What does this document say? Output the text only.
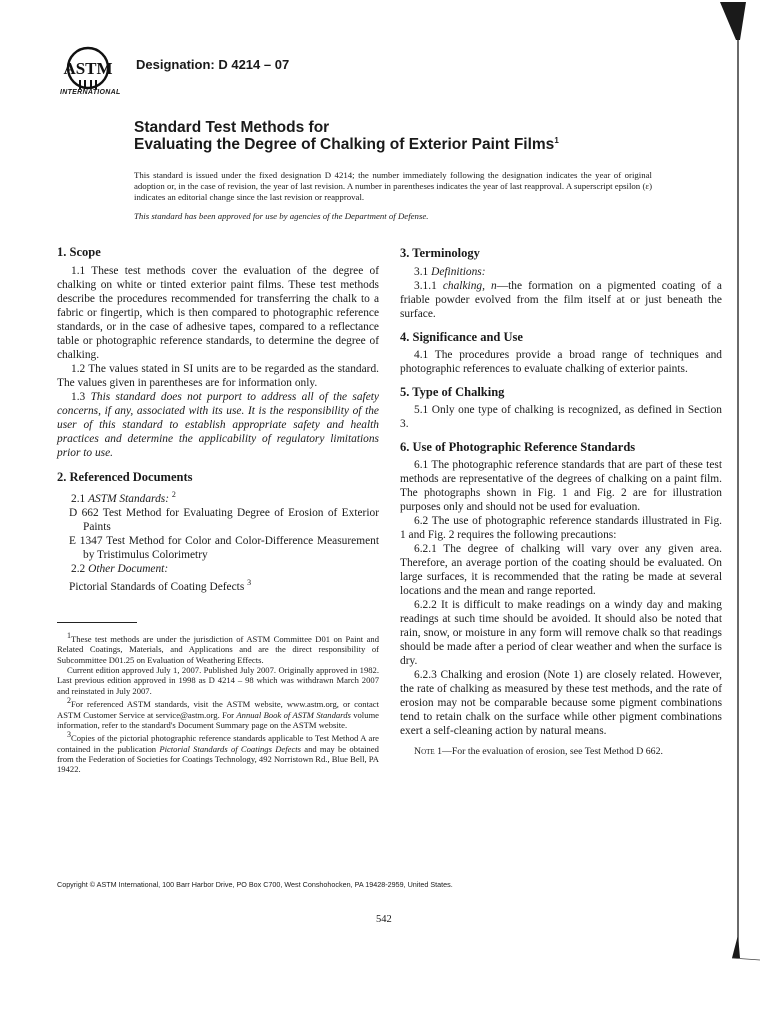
ASTM
INTERNATIONAL
Designation: D 4214 – 07
Standard Test Methods for
Evaluating the Degree of Chalking of Exterior Paint Films$^1$
This standard is issued under the fixed designation D 4214; the number immediately following the designation indicates the year of original adoption or, in the case of revision, the year of last revision. A number in parentheses indicates the year of last reapproval. A superscript epsilon (ε) indicates an editorial change since the last revision or reapproval.
This standard has been approved for use by agencies of the Department of Defense.
1. Scope
1.1 These test methods cover the evaluation of the degree of chalking on white or tinted exterior paint films. These test methods describe the procedures recommended for transferring the chalk to a fabric or fingertip, which is then compared to photographic reference standards, or in the case of adhesive tapes, compared to a reflectance table or photographic reference standards, to determine the degree of chalking.
1.2 The values stated in SI units are to be regarded as the standard. The values given in parentheses are for information only.
1.3 This standard does not purport to address all of the safety concerns, if any, associated with its use. It is the responsibility of the user of this standard to establish appropriate safety and health practices and determine the applicability of regulatory limitations prior to use.
2. Referenced Documents
2.1 ASTM Standards: $^2$
D 662 Test Method for Evaluating Degree of Erosion of Exterior Paints
E 1347 Test Method for Color and Color-Difference Measurement by Tristimulus Colorimetry
2.2 Other Document:
Pictorial Standards of Coating Defects $^3$
1These test methods are under the jurisdiction of ASTM Committee D01 on Paint and Related Coatings, Materials, and Applications and are the direct responsibility of Subcommittee D01.25 on Evaluation of Weathering Effects.
Current edition approved July 1, 2007. Published July 2007. Originally approved in 1982. Last previous edition approved in 1998 as D 4214 – 98 which was withdrawn March 2007 and reinstated in July 2007.
2For referenced ASTM standards, visit the ASTM website, www.astm.org, or contact ASTM Customer Service at service@astm.org. For Annual Book of ASTM Standards volume information, refer to the standard's Document Summary page on the ASTM website.
3Copies of the pictorial photographic reference standards applicable to Test Method A are contained in the publication Pictorial Standards of Coatings Defects and may be obtained from the Federation of Societies for Coatings Technology, 492 Norristown Rd., Blue Bell, PA 19422.
3. Terminology
3.1 Definitions:
3.1.1 chalking, n—the formation on a pigmented coating of a friable powder evolved from the film itself at or just beneath the surface.
4. Significance and Use
4.1 The procedures provide a broad range of techniques and photographic references to evaluate chalking of exterior paints.
5. Type of Chalking
5.1 Only one type of chalking is recognized, as defined in Section 3.
6. Use of Photographic Reference Standards
6.1 The photographic reference standards that are part of these test methods are representative of the degrees of chalking on a paint film. The photographs shown in Fig. 1 and Fig. 2 are for illustration purposes only and should not be used for evaluation.
6.2 The use of photographic reference standards illustrated in Fig. 1 and Fig. 2 requires the following precautions:
6.2.1 The degree of chalking will vary over any given area. Therefore, an average portion of the coating should be evaluated. On large surfaces, it is recommended that the rating be made at several locations and the mean and range reported.
6.2.2 It is difficult to make readings on a windy day and making readings at such time should be avoided. It should also be noted that rain, snow, or moisture in any form will remove chalk so that readings should be made after a period of clear weather and when the surface is dry.
6.2.3 Chalking and erosion (Note 1) are closely related. However, the rate of chalking as measured by these test methods, and the rate of erosion may not be comparable because some pigment combinations tend to retain chalk on the surface while other pigment combinations exert a self-cleaning action by natural means.
Note 1—For the evaluation of erosion, see Test Method D 662.
Copyright © ASTM International, 100 Barr Harbor Drive, PO Box C700, West Conshohocken, PA 19428-2959, United States.
542
